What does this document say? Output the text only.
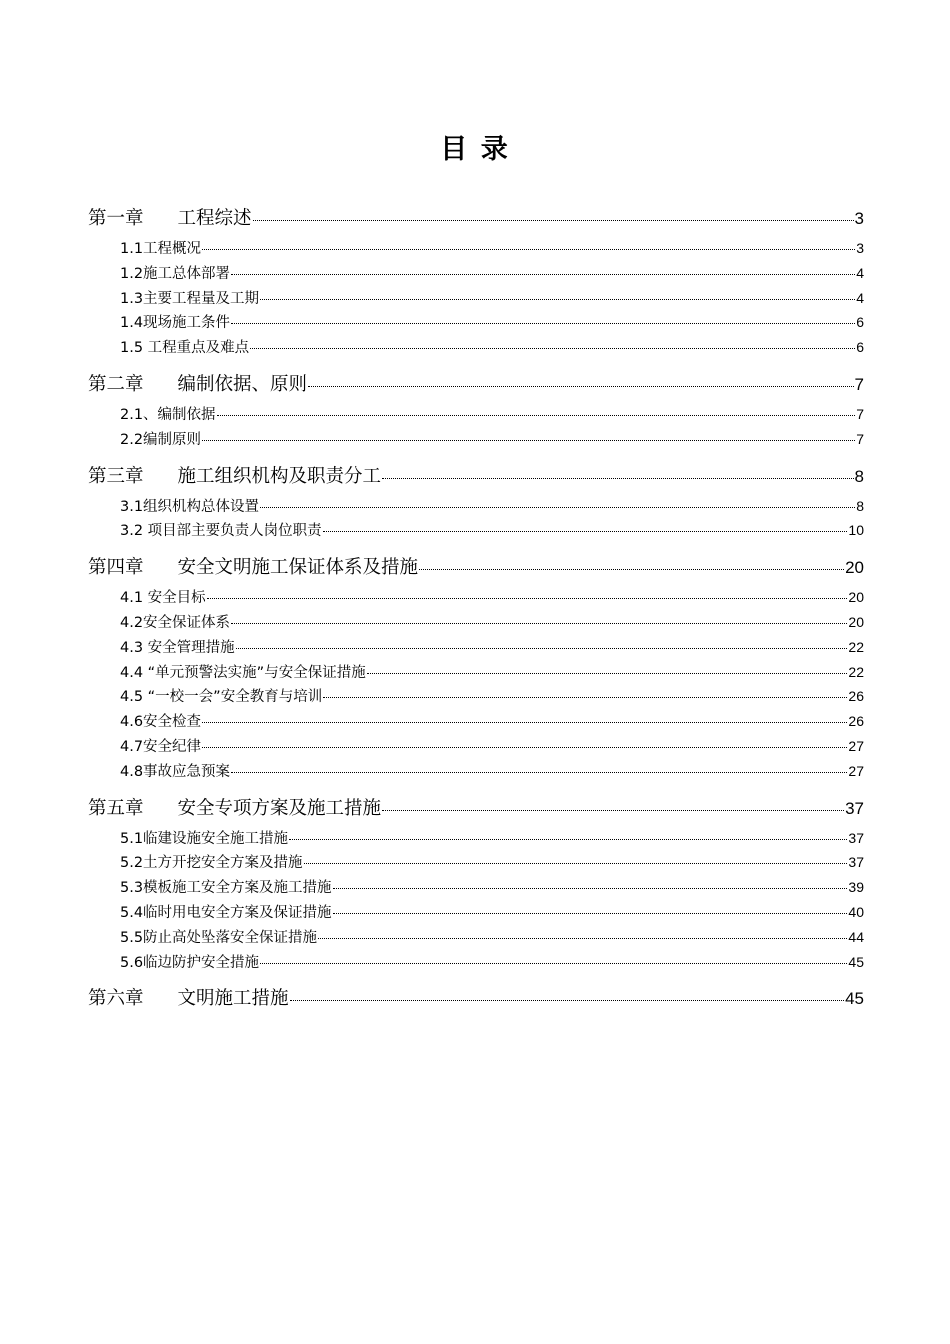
目 录
第一章 工程综述	3
1.1工程概况	3
1.2施工总体部署	4
1.3主要工程量及工期	4
1.4现场施工条件	6
1.5 工程重点及难点	6
第二章 编制依据、原则	7
2.1、编制依据	7
2.2编制原则	7
第三章 施工组织机构及职责分工	8
3.1组织机构总体设置	8
3.2 项目部主要负责人岗位职责	10
第四章 安全文明施工保证体系及措施	20
4.1 安全目标	20
4.2安全保证体系	20
4.3 安全管理措施	22
4.4 “单元预警法实施”与安全保证措施	22
4.5 “一校一会”安全教育与培训	26
4.6安全检查	26
4.7安全纪律	27
4.8事故应急预案	27
第五章 安全专项方案及施工措施	37
5.1临建设施安全施工措施	37
5.2土方开挖安全方案及措施	37
5.3模板施工安全方案及施工措施	39
5.4临时用电安全方案及保证措施	40
5.5防止高处坠落安全保证措施	44
5.6临边防护安全措施	45
第六章 文明施工措施	45
